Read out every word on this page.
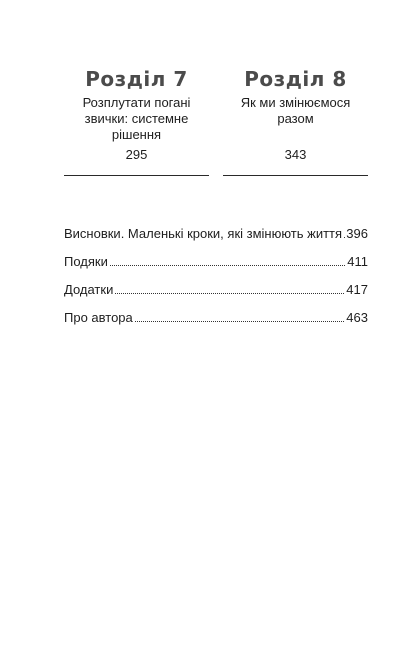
Розділ 7
Розплутати погані
звички: системне
рішення
295
Розділ 8
Як ми змінюємося
разом
343
Висновки. Маленькі кроки, які змінюють життя 396
Подяки	411
Додатки	417
Про автора	463
